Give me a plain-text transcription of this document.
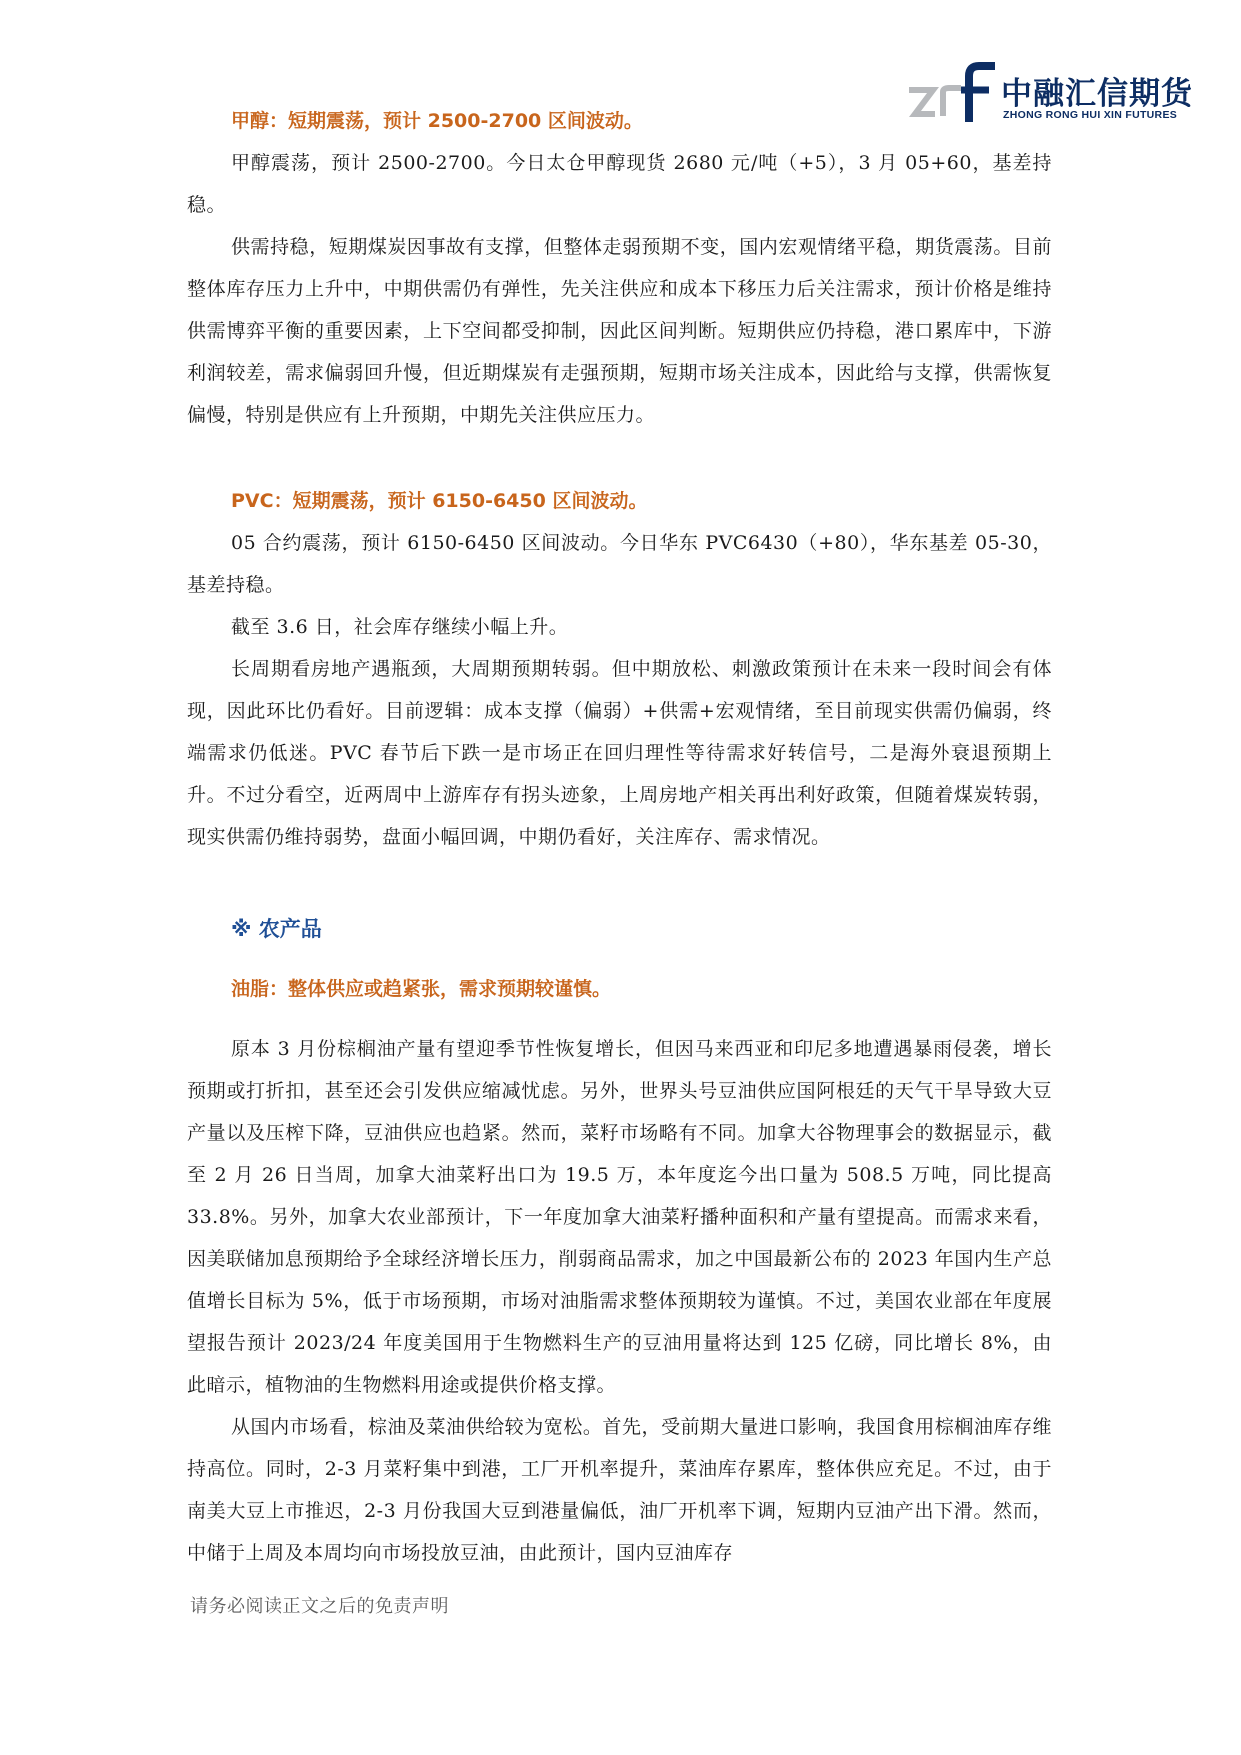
中融汇信期货
ZHONG RONG HUI XIN FUTURES

甲醇：短期震荡，预计 2500-2700 区间波动。

甲醇震荡，预计 2500-2700。今日太仓甲醇现货 2680 元/吨（+5），3 月 05+60，基差持稳。

供需持稳，短期煤炭因事故有支撑，但整体走弱预期不变，国内宏观情绪平稳，期货震荡。目前整体库存压力上升中，中期供需仍有弹性，先关注供应和成本下移压力后关注需求，预计价格是维持供需博弈平衡的重要因素，上下空间都受抑制，因此区间判断。短期供应仍持稳，港口累库中，下游利润较差，需求偏弱回升慢，但近期煤炭有走强预期，短期市场关注成本，因此给与支撑，供需恢复偏慢，特别是供应有上升预期，中期先关注供应压力。

PVC：短期震荡，预计 6150-6450 区间波动。

05 合约震荡，预计 6150-6450 区间波动。今日华东 PVC6430（+80），华东基差 05-30，基差持稳。

截至 3.6 日，社会库存继续小幅上升。

长周期看房地产遇瓶颈，大周期预期转弱。但中期放松、刺激政策预计在未来一段时间会有体现，因此环比仍看好。目前逻辑：成本支撑（偏弱）+供需+宏观情绪，至目前现实供需仍偏弱，终端需求仍低迷。PVC 春节后下跌一是市场正在回归理性等待需求好转信号，二是海外衰退预期上升。不过分看空，近两周中上游库存有拐头迹象，上周房地产相关再出利好政策，但随着煤炭转弱，现实供需仍维持弱势，盘面小幅回调，中期仍看好，关注库存、需求情况。

※ 农产品

油脂：整体供应或趋紧张，需求预期较谨慎。

原本 3 月份棕榈油产量有望迎季节性恢复增长，但因马来西亚和印尼多地遭遇暴雨侵袭，增长预期或打折扣，甚至还会引发供应缩减忧虑。另外，世界头号豆油供应国阿根廷的天气干旱导致大豆产量以及压榨下降，豆油供应也趋紧。然而，菜籽市场略有不同。加拿大谷物理事会的数据显示，截至 2 月 26 日当周，加拿大油菜籽出口为 19.5 万，本年度迄今出口量为 508.5 万吨，同比提高 33.8%。另外，加拿大农业部预计，下一年度加拿大油菜籽播种面积和产量有望提高。而需求来看，因美联储加息预期给予全球经济增长压力，削弱商品需求，加之中国最新公布的 2023 年国内生产总值增长目标为 5%，低于市场预期，市场对油脂需求整体预期较为谨慎。不过，美国农业部在年度展望报告预计 2023/24 年度美国用于生物燃料生产的豆油用量将达到 125 亿磅，同比增长 8%，由此暗示，植物油的生物燃料用途或提供价格支撑。

从国内市场看，棕油及菜油供给较为宽松。首先，受前期大量进口影响，我国食用棕榈油库存维持高位。同时，2-3 月菜籽集中到港，工厂开机率提升，菜油库存累库，整体供应充足。不过，由于南美大豆上市推迟，2-3 月份我国大豆到港量偏低，油厂开机率下调，短期内豆油产出下滑。然而，中储于上周及本周均向市场投放豆油，由此预计，国内豆油库存

请务必阅读正文之后的免责声明
